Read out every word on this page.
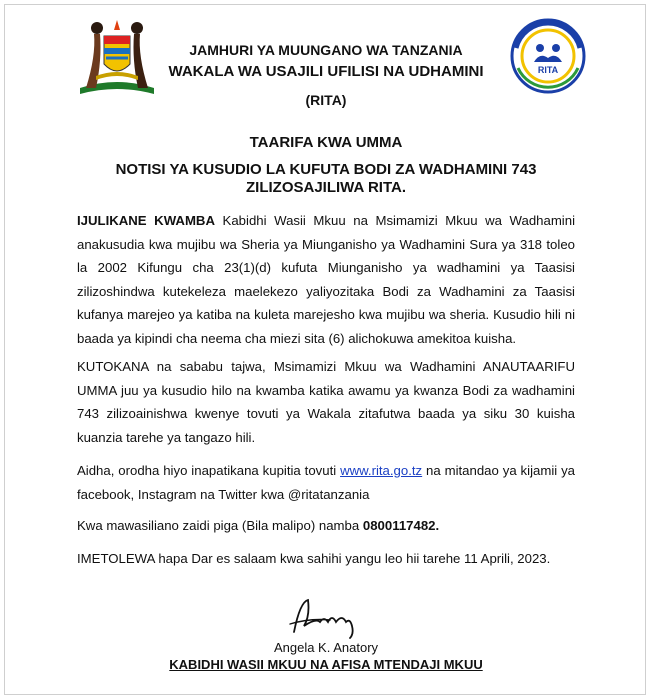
JAMHURI YA MUUNGANO WA TANZANIA
WAKALA WA USAJILI UFILISI NA UDHAMINI
(RITA)
RITA
TAARIFA KWA UMMA
NOTISI YA KUSUDIO LA KUFUTA BODI ZA WADHAMINI 743
ZILIZOSAJILIWA RITA.
IJULIKANE KWAMBA Kabidhi Wasii Mkuu na Msimamizi Mkuu wa Wadhamini anakusudia kwa mujibu wa Sheria ya Miunganisho ya Wadhamini Sura ya 318 toleo la 2002 Kifungu cha 23(1)(d) kufuta Miunganisho ya wadhamini ya Taasisi zilizoshindwa kutekeleza maelekezo yaliyozitaka Bodi za Wadhamini za Taasisi kufanya marejeo ya katiba na kuleta marejesho kwa mujibu wa sheria. Kusudio hili ni baada ya kipindi cha neema cha miezi sita (6) alichokuwa amekitoa kuisha.
KUTOKANA na sababu tajwa, Msimamizi Mkuu wa Wadhamini ANAUTAARIFU UMMA juu ya kusudio hilo na kwamba katika awamu ya kwanza Bodi za wadhamini 743 zilizoainishwa kwenye tovuti ya Wakala zitafutwa baada ya siku 30 kuisha kuanzia tarehe ya tangazo hili.
Aidha, orodha hiyo inapatikana kupitia tovuti www.rita.go.tz na mitandao ya kijamii ya facebook, Instagram na Twitter kwa @ritatanzania
Kwa mawasiliano zaidi piga (Bila malipo) namba 0800117482.
IMETOLEWA hapa Dar es salaam kwa sahihi yangu leo hii tarehe 11 Aprili, 2023.
Angela K. Anatory
KABIDHI WASII MKUU NA AFISA MTENDAJI MKUU
